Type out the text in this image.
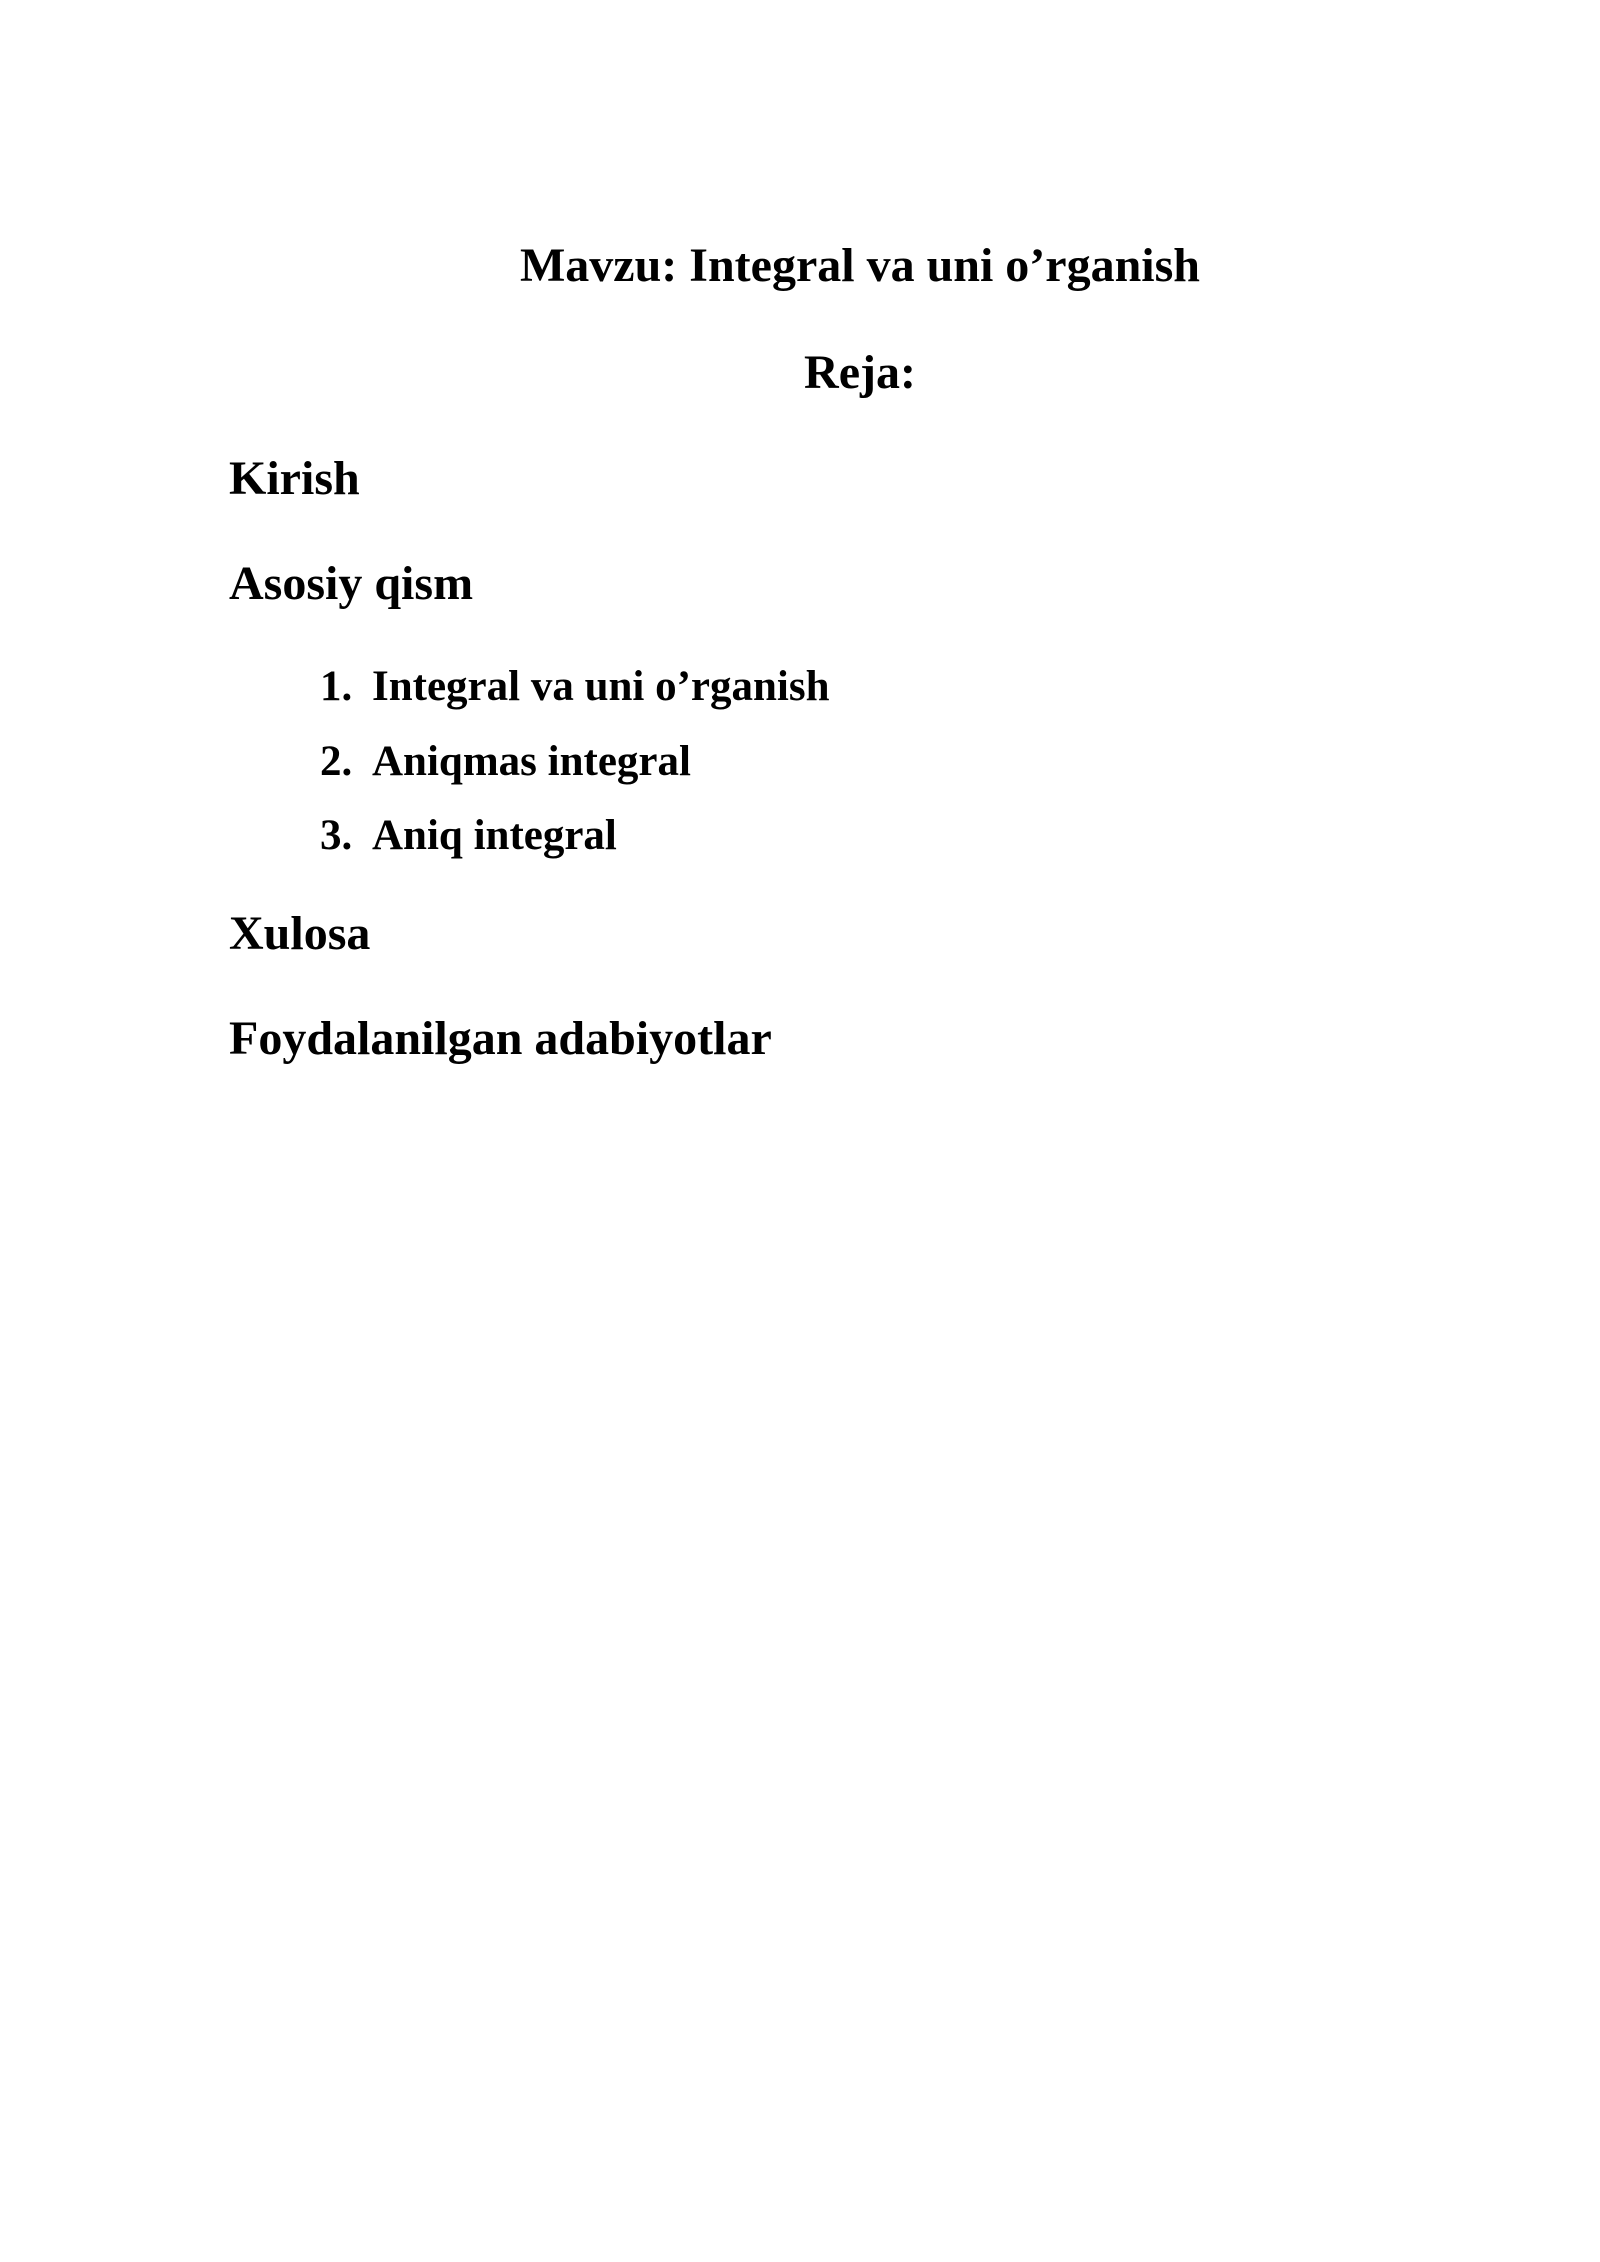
Mavzu: Integral va uni o’rganish
Reja:
Kirish
Asosiy qism
1. Integral va uni o’rganish
2. Aniqmas integral
3. Aniq integral
Xulosa
Foydalanilgan adabiyotlar
